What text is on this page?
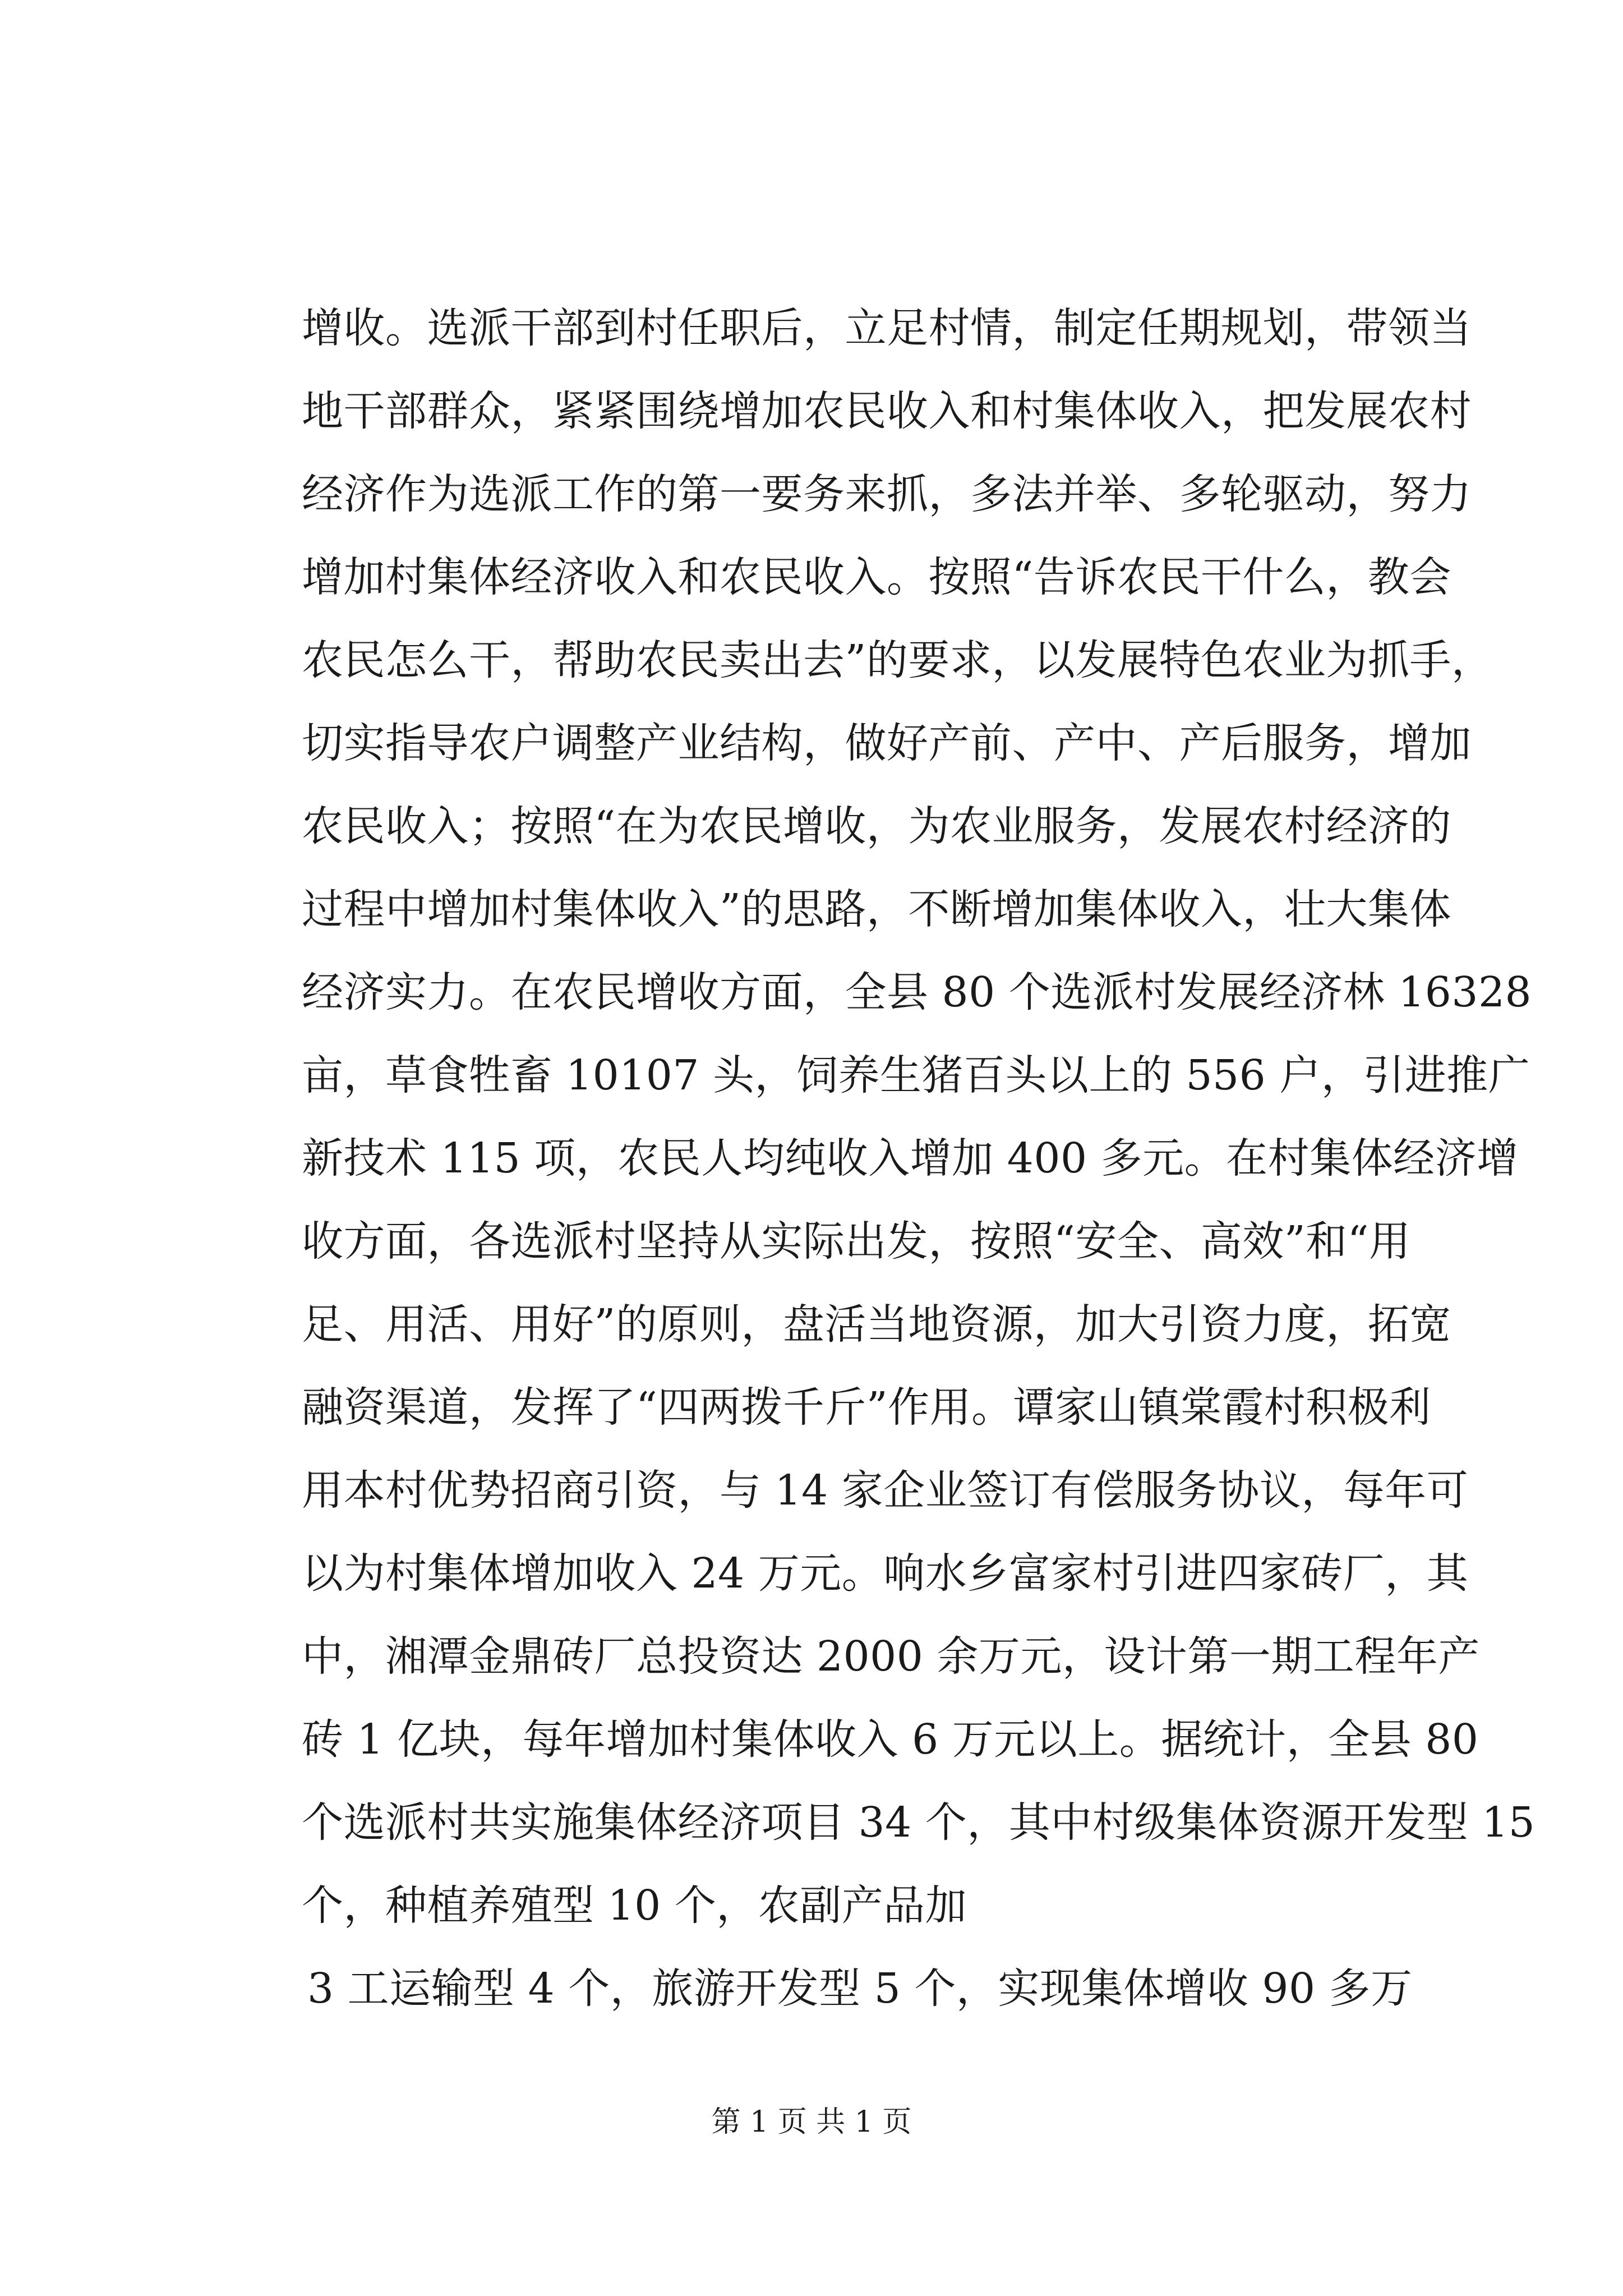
增收。选派干部到村任职后，立足村情，制定任期规划，带领当
地干部群众，紧紧围绕增加农民收入和村集体收入，把发展农村
经济作为选派工作的第一要务来抓，多法并举、多轮驱动，努力
增加村集体经济收入和农民收入。按照“告诉农民干什么，教会
农民怎么干，帮助农民卖出去”的要求，以发展特色农业为抓手，
切实指导农户调整产业结构，做好产前、产中、产后服务，增加
农民收入；按照“在为农民增收，为农业服务，发展农村经济的
过程中增加村集体收入”的思路，不断增加集体收入，壮大集体
经济实力。在农民增收方面，全县 80 个选派村发展经济林 16328
亩，草食牲畜 10107 头，饲养生猪百头以上的 556 户，引进推广
新技术 115 项，农民人均纯收入增加 400 多元。在村集体经济增
收方面，各选派村坚持从实际出发，按照“安全、高效”和“用
足、用活、用好”的原则，盘活当地资源，加大引资力度，拓宽
融资渠道，发挥了“四两拨千斤”作用。谭家山镇棠霞村积极利
用本村优势招商引资，与 14 家企业签订有偿服务协议，每年可
以为村集体增加收入 24 万元。响水乡富家村引进四家砖厂，其
中，湘潭金鼎砖厂总投资达 2000 余万元，设计第一期工程年产
砖 1 亿块，每年增加村集体收入 6 万元以上。据统计，全县 80
个选派村共实施集体经济项目 34 个，其中村级集体资源开发型 15
个，种植养殖型 10 个，农副产品加
3 工运输型 4 个，旅游开发型 5 个，实现集体增收 90 多万
第 1 页 共 1 页
